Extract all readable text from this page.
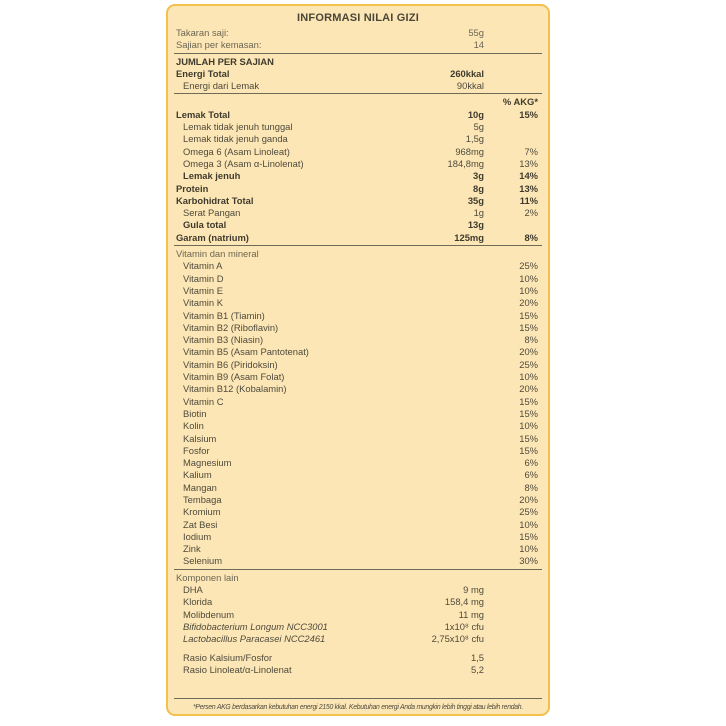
INFORMASI NILAI GIZI
Takaran saji:	55g
Sajian per kemasan:	14
JUMLAH PER SAJIAN
Energi Total	260kkal
Energi dari Lemak	90kkal
% AKG*
Lemak Total	10g	15%
Lemak tidak jenuh tunggal	5g
Lemak tidak jenuh ganda	1,5g
Omega 6 (Asam Linoleat)	968mg	7%
Omega 3 (Asam α-Linolenat)	184,8mg	13%
Lemak jenuh	3g	14%
Protein	8g	13%
Karbohidrat Total	35g	11%
Serat Pangan	1g	2%
Gula total	13g
Garam (natrium)	125mg	8%
Vitamin dan mineral
Vitamin A	25%
Vitamin D	10%
Vitamin E	10%
Vitamin K	20%
Vitamin B1 (Tiamin)	15%
Vitamin B2 (Riboflavin)	15%
Vitamin B3 (Niasin)	8%
Vitamin B5 (Asam Pantotenat)	20%
Vitamin B6 (Piridoksin)	25%
Vitamin B9 (Asam Folat)	10%
Vitamin B12 (Kobalamin)	20%
Vitamin C	15%
Biotin	15%
Kolin	10%
Kalsium	15%
Fosfor	15%
Magnesium	6%
Kalium	6%
Mangan	8%
Tembaga	20%
Kromium	25%
Zat Besi	10%
Iodium	15%
Zink	10%
Selenium	30%
Komponen lain
DHA	9 mg
Klorida	158,4 mg
Molibdenum	11 mg
Bifidobacterium Longum NCC3001	1x10⁸ cfu
Lactobacillus Paracasei NCC2461	2,75x10⁸ cfu
Rasio Kalsium/Fosfor	1,5
Rasio Linoleat/α-Linolenat	5,2
*Persen AKG berdasarkan kebutuhan energi 2150 kkal. Kebutuhan energi Anda mungkin lebih tinggi atau lebih rendah.
